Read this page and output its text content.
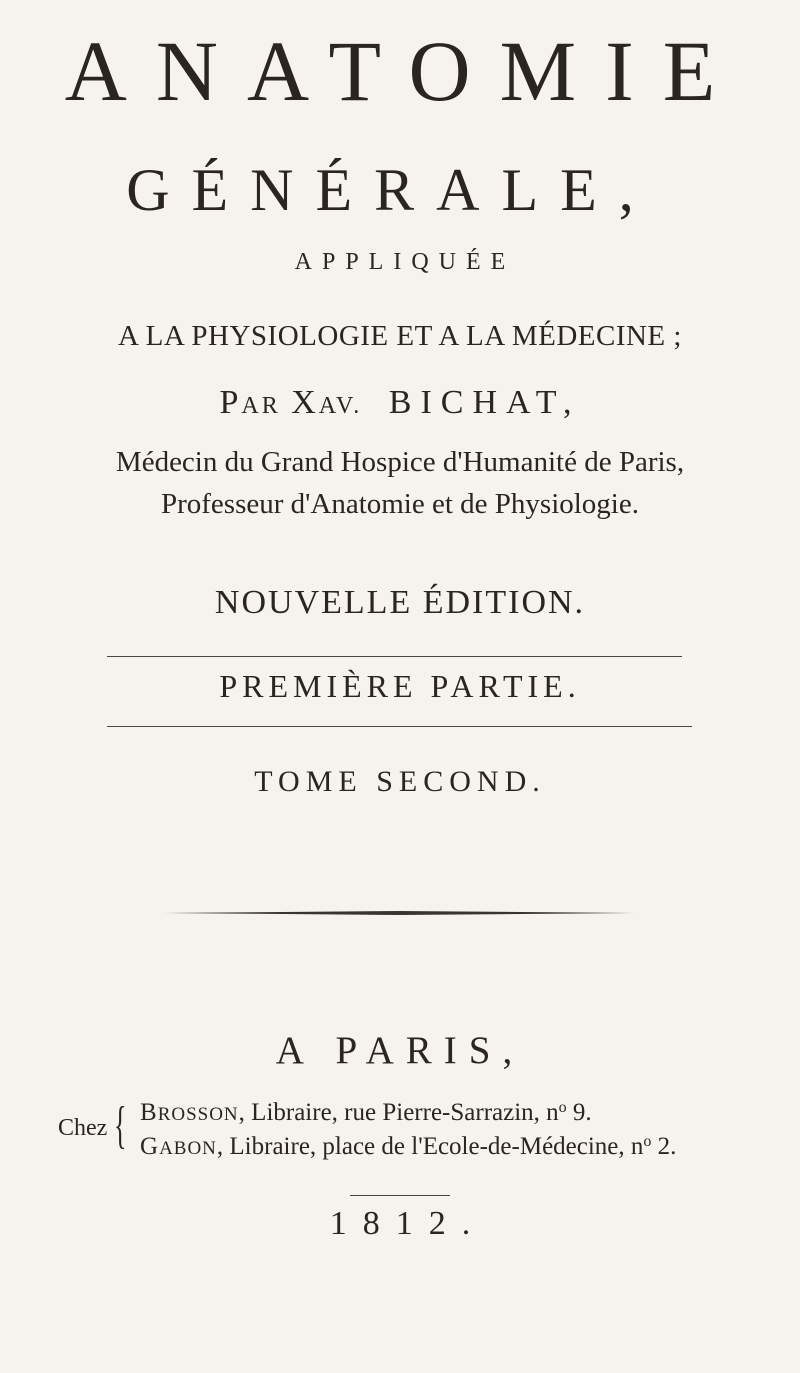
ANATOMIE
GÉNÉRALE,
APPLIQUÉE
A LA PHYSIOLOGIE ET A LA MÉDECINE ;
PAR XAV. BICHAT,
Médecin du Grand Hospice d'Humanité de Paris,
Professeur d'Anatomie et de Physiologie.
NOUVELLE ÉDITION.
PREMIÈRE PARTIE.
TOME SECOND.
A PARIS,
Chez { BROSSON, Libraire, rue Pierre-Sarrazin, $n^o$ 9.
GABON, Libraire, place de l'Ecole-de-Médecine, $n^o$ 2.
1812.
